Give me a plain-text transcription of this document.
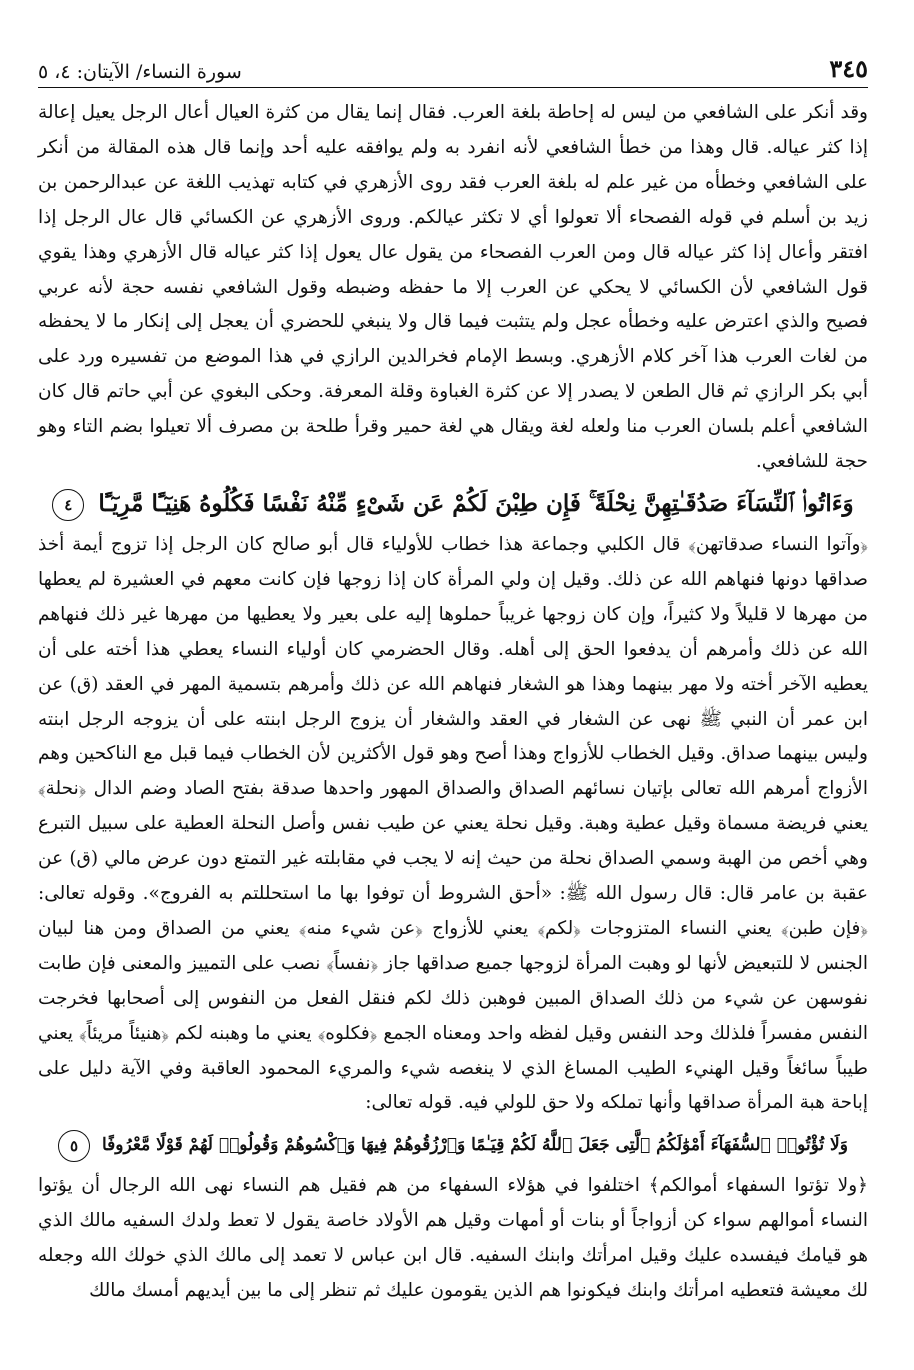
٣٤٥
سورة النساء/ الآيتان: ٤، ٥

وقد أنكر على الشافعي من ليس له إحاطة بلغة العرب. فقال إنما يقال من كثرة العيال أعال الرجل يعيل إعالة إذا كثر عياله. قال وهذا من خطأ الشافعي لأنه انفرد به ولم يوافقه عليه أحد وإنما قال هذه المقالة من أنكر على الشافعي وخطأه من غير علم له بلغة العرب فقد روى الأزهري في كتابه تهذيب اللغة عن عبدالرحمن بن زيد بن أسلم في قوله الفصحاء ألا تعولوا أي لا تكثر عيالكم. وروى الأزهري عن الكسائي قال عال الرجل إذا افتقر وأعال إذا كثر عياله قال ومن العرب الفصحاء من يقول عال يعول إذا كثر عياله قال الأزهري وهذا يقوي قول الشافعي لأن الكسائي لا يحكي عن العرب إلا ما حفظه وضبطه وقول الشافعي نفسه حجة لأنه عربي فصيح والذي اعترض عليه وخطأه عجل ولم يتثبت فيما قال ولا ينبغي للحضري أن يعجل إلى إنكار ما لا يحفظه من لغات العرب هذا آخر كلام الأزهري. وبسط الإمام فخرالدين الرازي في هذا الموضع من تفسيره ورد على أبي بكر الرازي ثم قال الطعن لا يصدر إلا عن كثرة الغباوة وقلة المعرفة. وحكى البغوي عن أبي حاتم قال كان الشافعي أعلم بلسان العرب منا ولعله لغة ويقال هي لغة حمير وقرأ طلحة بن مصرف ألا تعيلوا بضم التاء وهو حجة للشافعي.

وَءَاتُوا۟ ٱلنِّسَآءَ صَدُقَـٰتِهِنَّ نِحْلَةً ۚ فَإِن طِبْنَ لَكُمْ عَن شَىْءٍ مِّنْهُ نَفْسًا فَكُلُوهُ هَنِيٓـًٔا مَّرِيٓـًٔا ٤

﴿وآتوا النساء صدقاتهن﴾ قال الكلبي وجماعة هذا خطاب للأولياء قال أبو صالح كان الرجل إذا تزوج أيمة أخذ صداقها دونها فنهاهم الله عن ذلك. وقيل إن ولي المرأة كان إذا زوجها فإن كانت معهم في العشيرة لم يعطها من مهرها لا قليلاً ولا كثيراً، وإن كان زوجها غريباً حملوها إليه على بعير ولا يعطيها من مهرها غير ذلك فنهاهم الله عن ذلك وأمرهم أن يدفعوا الحق إلى أهله. وقال الحضرمي كان أولياء النساء يعطي هذا أخته على أن يعطيه الآخر أخته ولا مهر بينهما وهذا هو الشغار فنهاهم الله عن ذلك وأمرهم بتسمية المهر في العقد (ق) عن ابن عمر أن النبي ﷺ نهى عن الشغار في العقد والشغار أن يزوج الرجل ابنته على أن يزوجه الرجل ابنته وليس بينهما صداق. وقيل الخطاب للأزواج وهذا أصح وهو قول الأكثرين لأن الخطاب فيما قبل مع الناكحين وهم الأزواج أمرهم الله تعالى بإتيان نسائهم الصداق والصداق المهور واحدها صدقة بفتح الصاد وضم الدال ﴿نحلة﴾ يعني فريضة مسماة وقيل عطية وهبة. وقيل نحلة يعني عن طيب نفس وأصل النحلة العطية على سبيل التبرع وهي أخص من الهبة وسمي الصداق نحلة من حيث إنه لا يجب في مقابلته غير التمتع دون عرض مالي (ق) عن عقبة بن عامر قال: قال رسول الله ﷺ: «أحق الشروط أن توفوا بها ما استحللتم به الفروج». وقوله تعالى: ﴿فإن طبن﴾ يعني النساء المتزوجات ﴿لكم﴾ يعني للأزواج ﴿عن شيء منه﴾ يعني من الصداق ومن هنا لبيان الجنس لا للتبعيض لأنها لو وهبت المرأة لزوجها جميع صداقها جاز ﴿نفساً﴾ نصب على التمييز والمعنى فإن طابت نفوسهن عن شيء من ذلك الصداق المبين فوهبن ذلك لكم فنقل الفعل من النفوس إلى أصحابها فخرجت النفس مفسراً فلذلك وحد النفس وقيل لفظه واحد ومعناه الجمع ﴿فكلوه﴾ يعني ما وهبنه لكم ﴿هنيئاً مريئاً﴾ يعني طيباً سائغاً وقيل الهنيء الطيب المساغ الذي لا ينغصه شيء والمريء المحمود العاقبة وفي الآية دليل على إباحة هبة المرأة صداقها وأنها تملكه ولا حق للولي فيه. قوله تعالى:

وَلَا تُؤْتُوا۟ ٱلسُّفَهَآءَ أَمْوَٰلَكُمُ ٱلَّتِى جَعَلَ ٱللَّهُ لَكُمْ قِيَـٰمًا وَٱرْزُقُوهُمْ فِيهَا وَٱكْسُوهُمْ وَقُولُوا۟ لَهُمْ قَوْلًا مَّعْرُوفًا ٥

﴿ولا تؤتوا السفهاء أموالكم﴾ اختلفوا في هؤلاء السفهاء من هم فقيل هم النساء نهى الله الرجال أن يؤتوا النساء أموالهم سواء كن أزواجاً أو بنات أو أمهات وقيل هم الأولاد خاصة يقول لا تعط ولدك السفيه مالك الذي هو قيامك فيفسده عليك وقيل امرأتك وابنك السفيه. قال ابن عباس لا تعمد إلى مالك الذي خولك الله وجعله لك معيشة فتعطيه امرأتك وابنك فيكونوا هم الذين يقومون عليك ثم تنظر إلى ما بين أيديهم أمسك مالك
